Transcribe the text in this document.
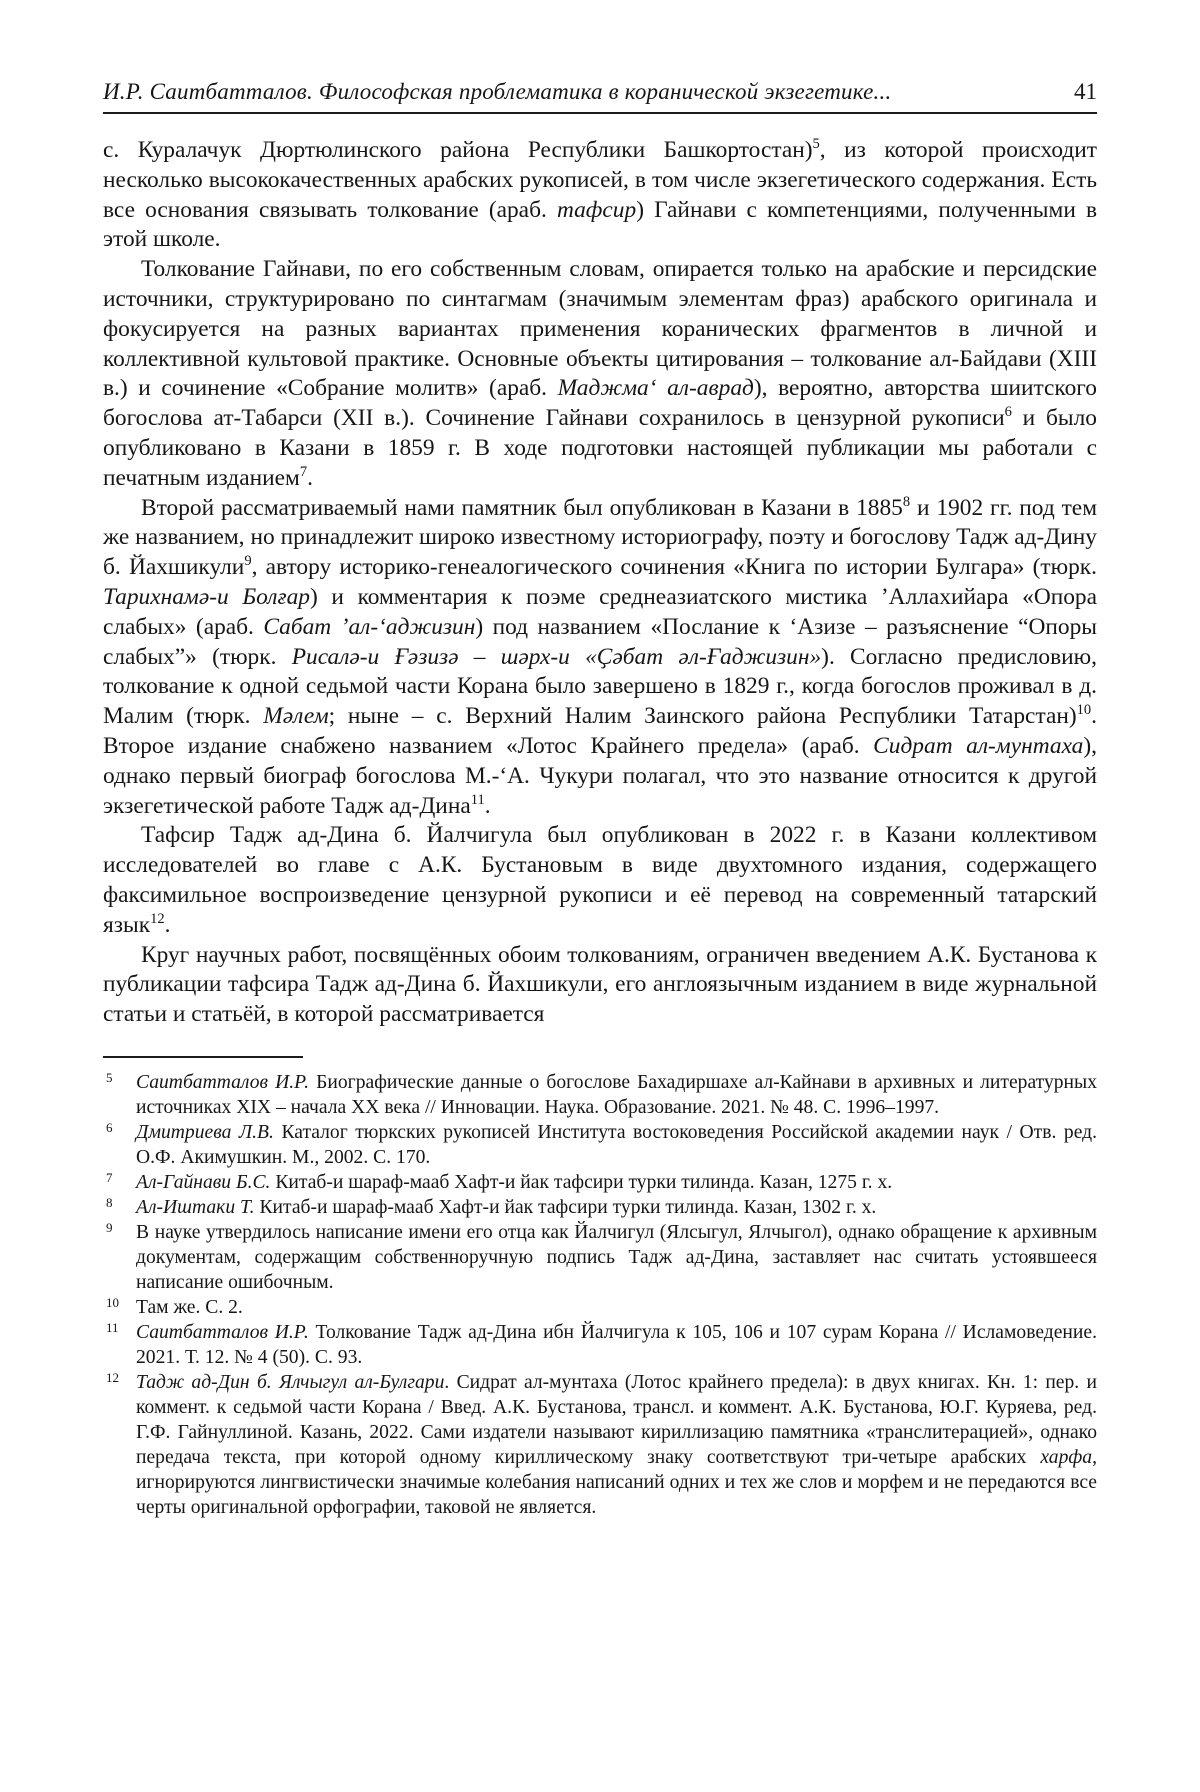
И.Р. Саитбатталов. Философская проблематика в коранической экзегетике...	41

с. Куралачук Дюртюлинского района Республики Башкортостан)$^5$, из которой происходит несколько высококачественных арабских рукописей, в том числе экзегетического содержания. Есть все основания связывать толкование (араб. тафсир) Гайнави с компетенциями, полученными в этой школе.

Толкование Гайнави, по его собственным словам, опирается только на арабские и персидские источники, структурировано по синтагмам (значимым элементам фраз) арабского оригинала и фокусируется на разных вариантах применения коранических фрагментов в личной и коллективной культовой практике. Основные объекты цитирования – толкование ал-Байдави (XIII в.) и сочинение «Собрание молитв» (араб. Маджма‘ ал-аврад), вероятно, авторства шиитского богослова ат-Табарси (XII в.). Сочинение Гайнави сохранилось в цензурной рукописи$^6$ и было опубликовано в Казани в 1859 г. В ходе подготовки настоящей публикации мы работали с печатным изданием$^7$.

Второй рассматриваемый нами памятник был опубликован в Казани в 1885$^8$ и 1902 гг. под тем же названием, но принадлежит широко известному историографу, поэту и богослову Тадж ад-Дину б. Йахшикули$^9$, автору историко-генеалогического сочинения «Книга по истории Булгара» (тюрк. Тарихнамә-и Болғар) и комментария к поэме среднеазиатского мистика ’Аллахийара «Опора слабых» (араб. Сабат ’ал-‘аджизин) под названием «Послание к ‘Азизе – разъяснение “Опоры слабых”» (тюрк. Рисалә-и Ғәзизә – шәрх-и «Ҫәбат әл-Ғаджизин»). Согласно предисловию, толкование к одной седьмой части Корана было завершено в 1829 г., когда богослов проживал в д. Малим (тюрк. Мәлем; ныне – с. Верхний Налим Заинского района Республики Татарстан)$^{10}$. Второе издание снабжено названием «Лотос Крайнего предела» (араб. Сидрат ал-мунтаха), однако первый биограф богослова М.-‘А. Чукури полагал, что это название относится к другой экзегетической работе Тадж ад-Дина$^{11}$.

Тафсир Тадж ад-Дина б. Йалчигула был опубликован в 2022 г. в Казани коллективом исследователей во главе с А.К. Бустановым в виде двухтомного издания, содержащего факсимильное воспроизведение цензурной рукописи и её перевод на современный татарский язык$^{12}$.

Круг научных работ, посвящённых обоим толкованиям, ограничен введением А.К. Бустанова к публикации тафсира Тадж ад-Дина б. Йахшикули, его англоязычным изданием в виде журнальной статьи и статьёй, в которой рассматривается

5 Саитбатталов И.Р. Биографические данные о богослове Бахадиршахе ал-Кайнави в архивных и литературных источниках XIX – начала XX века // Инновации. Наука. Образование. 2021. № 48. С. 1996–1997.
6 Дмитриева Л.В. Каталог тюркских рукописей Института востоковедения Российской академии наук / Отв. ред. О.Ф. Акимушкин. М., 2002. С. 170.
7 Ал-Гайнави Б.С. Китаб-и шараф-мааб Хафт-и йак тафсири турки тилинда. Казан, 1275 г. х.
8 Ал-Иштаки Т. Китаб-и шараф-мааб Хафт-и йак тафсири турки тилинда. Казан, 1302 г. х.
9 В науке утвердилось написание имени его отца как Йалчигул (Ялсыгул, Ялчыгол), однако обращение к архивным документам, содержащим собственноручную подпись Тадж ад-Дина, заставляет нас считать устоявшееся написание ошибочным.
10 Там же. С. 2.
11 Саитбатталов И.Р. Толкование Тадж ад-Дина ибн Йалчигула к 105, 106 и 107 сурам Корана // Исламоведение. 2021. Т. 12. № 4 (50). С. 93.
12 Тадж ад-Дин б. Ялчыгул ал-Булгари. Сидрат ал-мунтаха (Лотос крайнего предела): в двух книгах. Кн. 1: пер. и коммент. к седьмой части Корана / Введ. А.К. Бустанова, трансл. и коммент. А.К. Бустанова, Ю.Г. Куряева, ред. Г.Ф. Гайнуллиной. Казань, 2022. Сами издатели называют кириллизацию памятника «транслитерацией», однако передача текста, при которой одному кириллическому знаку соответствуют три-четыре арабских харфа, игнорируются лингвистически значимые колебания написаний одних и тех же слов и морфем и не передаются все черты оригинальной орфографии, таковой не является.
